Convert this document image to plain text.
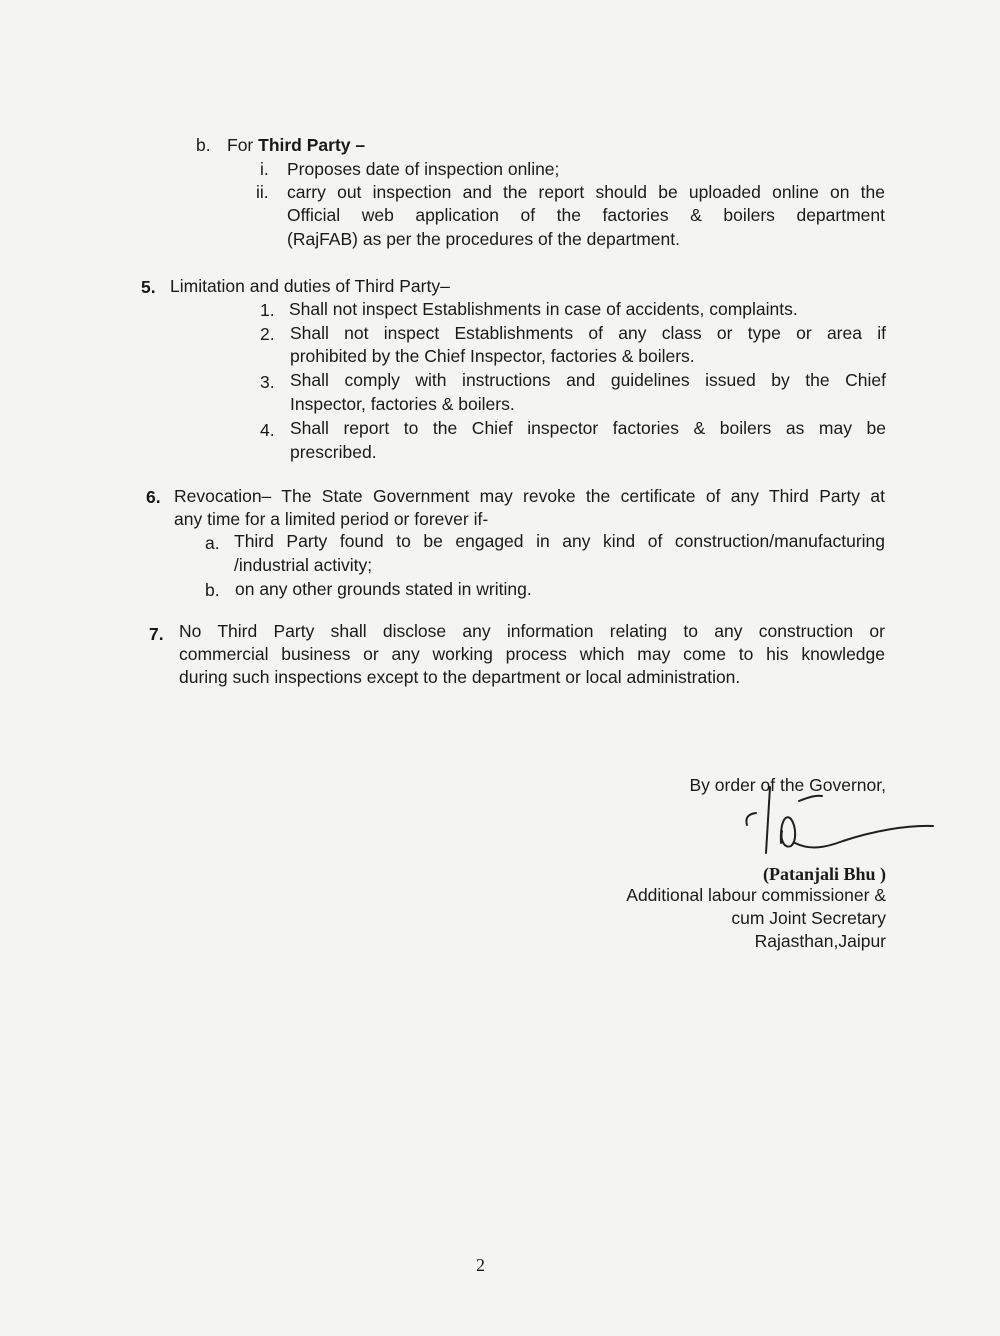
b. For Third Party –
i. Proposes date of inspection online;
ii. carry out inspection and the report should be uploaded online on the
Official web application of the factories & boilers department
(RajFAB) as per the procedures of the department.
5. Limitation and duties of Third Party–
1. Shall not inspect Establishments in case of accidents, complaints.
2. Shall not inspect Establishments of any class or type or area if
prohibited by the Chief Inspector, factories & boilers.
3. Shall comply with instructions and guidelines issued by the Chief
Inspector, factories & boilers.
4. Shall report to the Chief inspector factories & boilers as may be
prescribed.
6. Revocation– The State Government may revoke the certificate of any Third Party at
any time for a limited period or forever if-
a. Third Party found to be engaged in any kind of construction/manufacturing
/industrial activity;
b. on any other grounds stated in writing.
7. No Third Party shall disclose any information relating to any construction or
commercial business or any working process which may come to his knowledge
during such inspections except to the department or local administration.
By order of the Governor,
(Patanjali Bhu )
Additional labour commissioner &
cum Joint Secretary
Rajasthan,Jaipur
2
